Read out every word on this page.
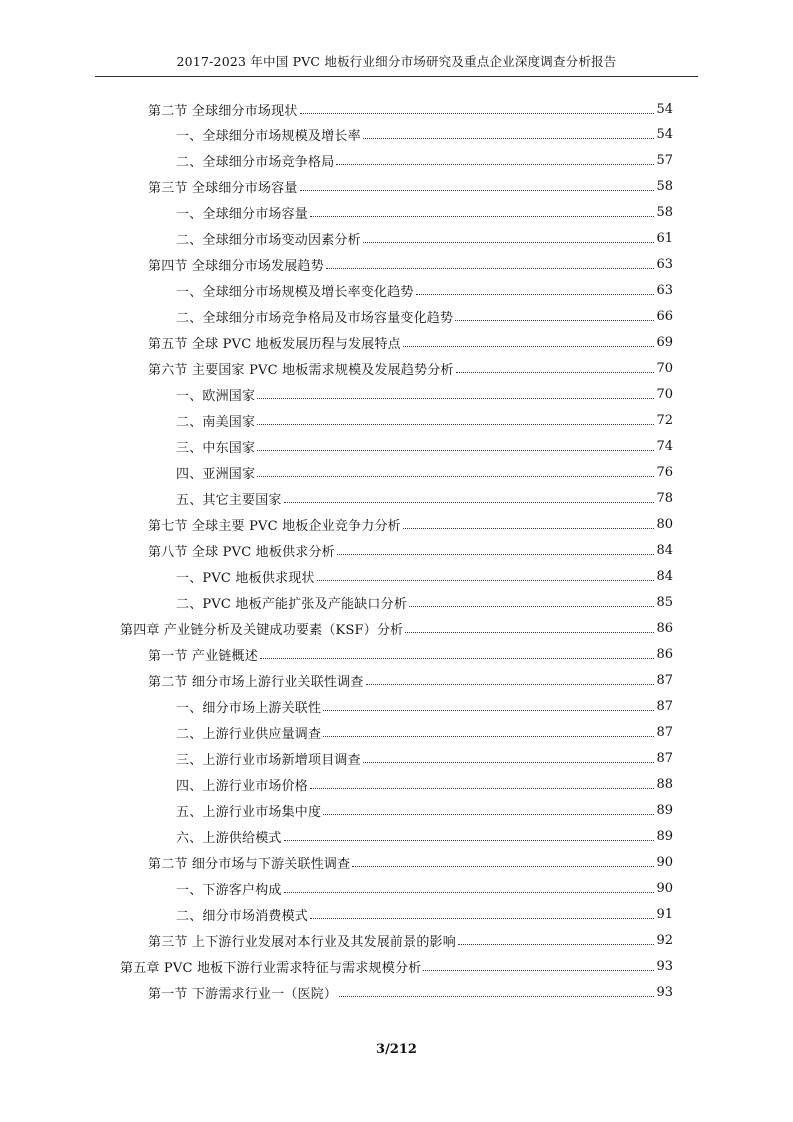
2017-2023 年中国 PVC 地板行业细分市场研究及重点企业深度调查分析报告
第二节 全球细分市场现状	54
一、全球细分市场规模及增长率	54
二、全球细分市场竞争格局	57
第三节 全球细分市场容量	58
一、全球细分市场容量	58
二、全球细分市场变动因素分析	61
第四节 全球细分市场发展趋势	63
一、全球细分市场规模及增长率变化趋势	63
二、全球细分市场竞争格局及市场容量变化趋势	66
第五节 全球 PVC 地板发展历程与发展特点	69
第六节 主要国家 PVC 地板需求规模及发展趋势分析	70
一、欧洲国家	70
二、南美国家	72
三、中东国家	74
四、亚洲国家	76
五、其它主要国家	78
第七节 全球主要 PVC 地板企业竞争力分析	80
第八节 全球 PVC 地板供求分析	84
一、PVC 地板供求现状	84
二、PVC 地板产能扩张及产能缺口分析	85
第四章 产业链分析及关键成功要素（KSF）分析	86
第一节 产业链概述	86
第二节 细分市场上游行业关联性调查	87
一、细分市场上游关联性	87
二、上游行业供应量调查	87
三、上游行业市场新增项目调查	87
四、上游行业市场价格	88
五、上游行业市场集中度	89
六、上游供给模式	89
第二节 细分市场与下游关联性调查	90
一、下游客户构成	90
二、细分市场消费模式	91
第三节 上下游行业发展对本行业及其发展前景的影响	92
第五章 PVC 地板下游行业需求特征与需求规模分析	93
第一节 下游需求行业一（医院）	93
3/212
